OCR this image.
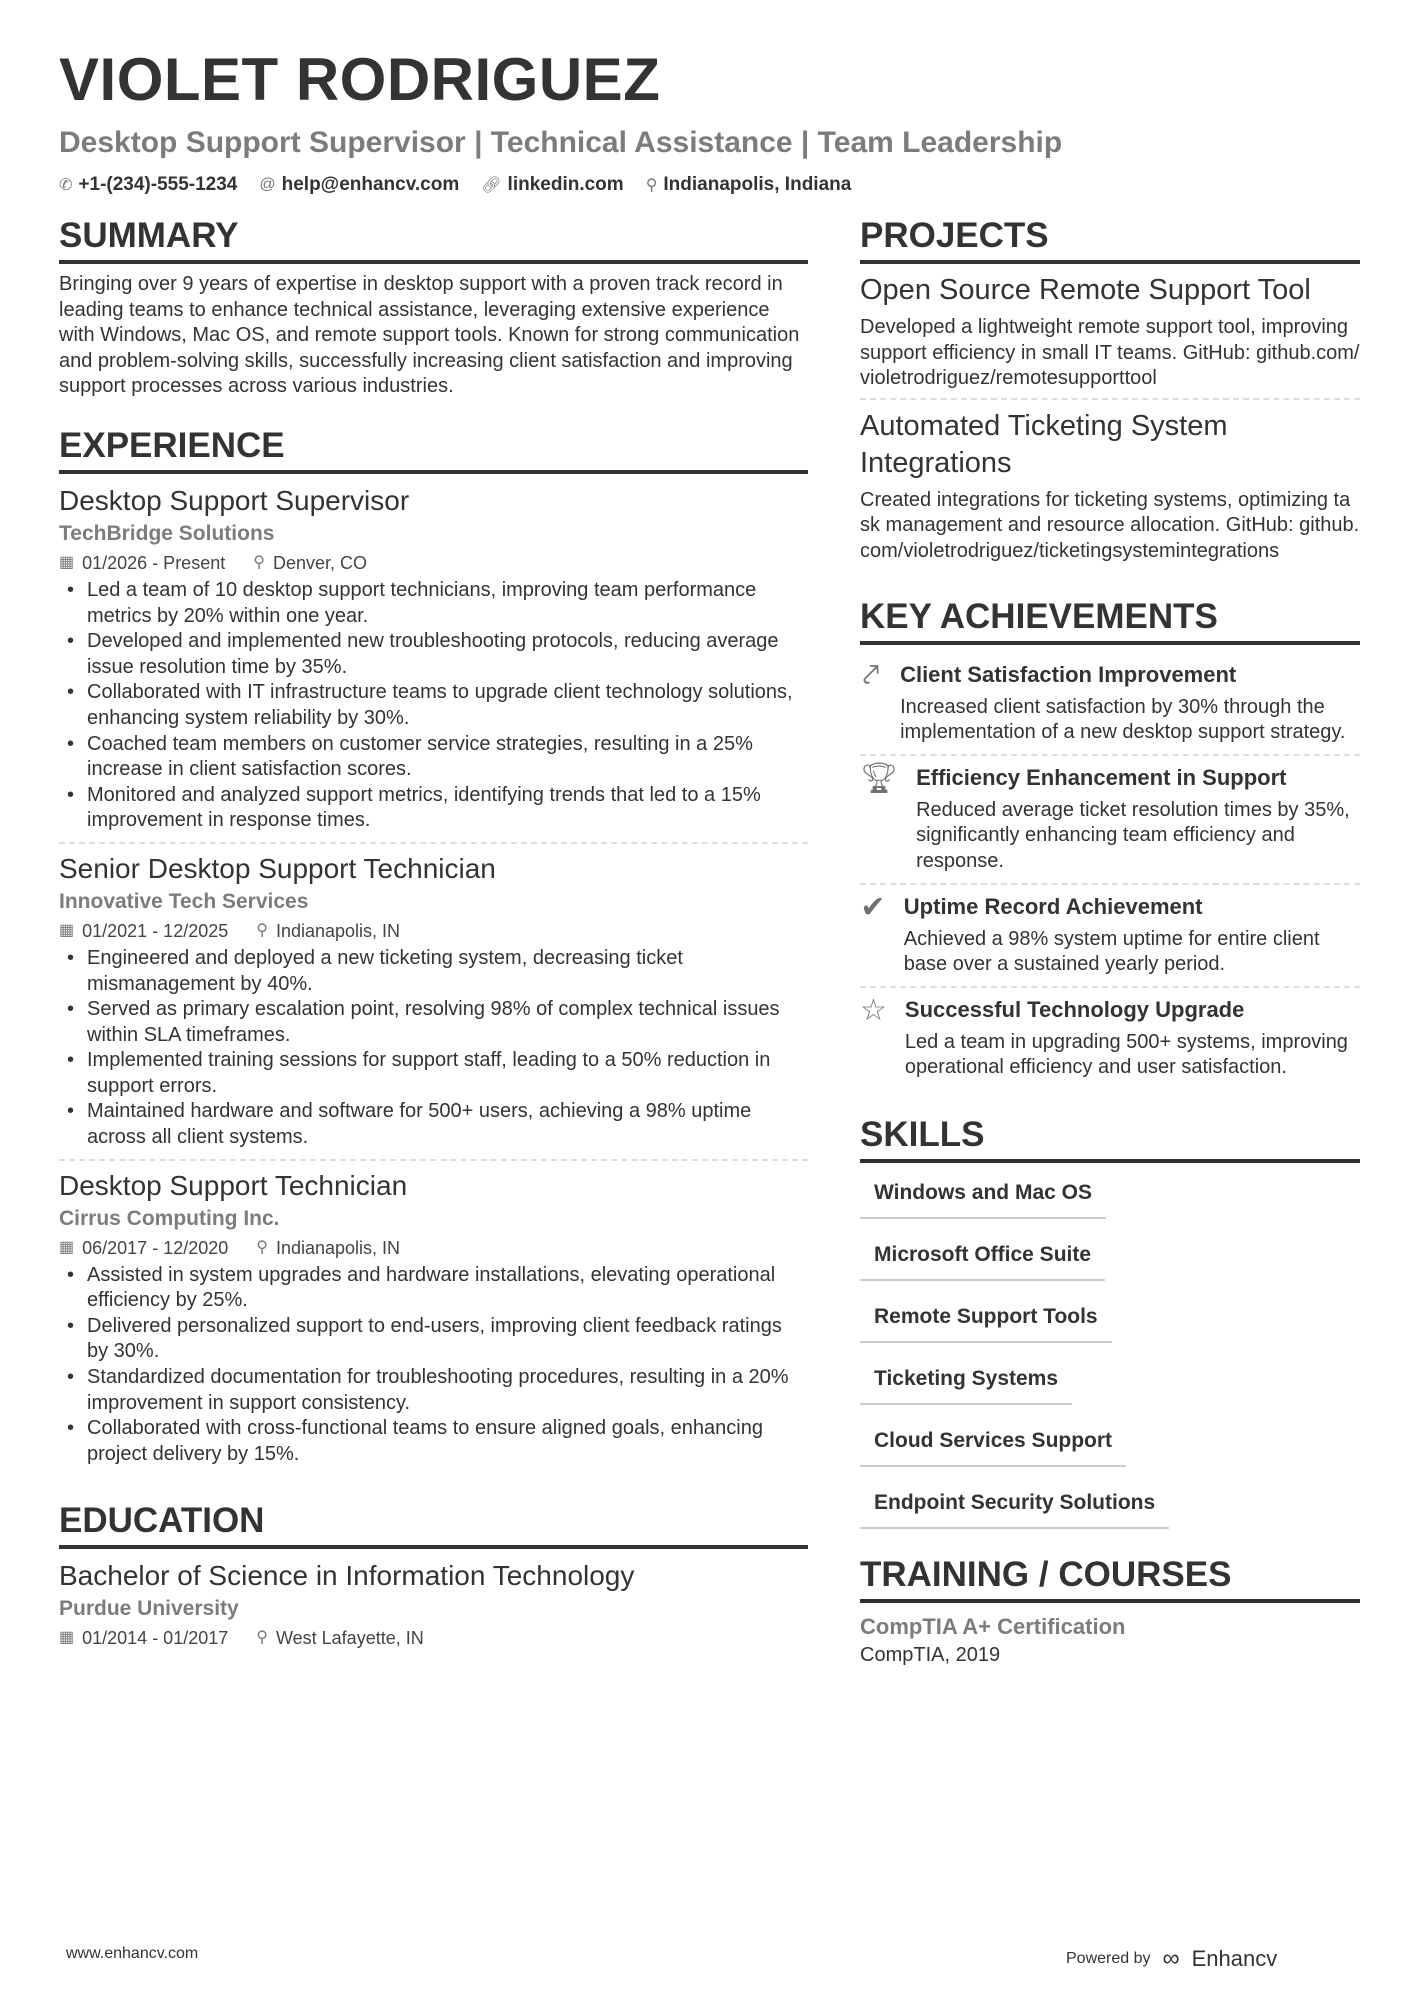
VIOLET RODRIGUEZ
Desktop Support Supervisor | Technical Assistance | Team Leadership
✆ +1-(234)-555-1234 @ help@enhancv.com 🔗︎ linkedin.com ⚲ Indianapolis, Indiana
SUMMARY
Bringing over 9 years of expertise in desktop support with a proven track record in leading teams to enhance technical assistance, leveraging extensive experience with Windows, Mac OS, and remote support tools. Known for strong communication and problem-solving skills, successfully increasing client satisfaction and improving support processes across various industries.
EXPERIENCE
Desktop Support Supervisor
TechBridge Solutions
▦ 01/2026 - Present ⚲ Denver, CO
• Led a team of 10 desktop support technicians, improving team performance metrics by 20% within one year.
• Developed and implemented new troubleshooting protocols, reducing average issue resolution time by 35%.
• Collaborated with IT infrastructure teams to upgrade client technology solutions, enhancing system reliability by 30%.
• Coached team members on customer service strategies, resulting in a 25% increase in client satisfaction scores.
• Monitored and analyzed support metrics, identifying trends that led to a 15% improvement in response times.
Senior Desktop Support Technician
Innovative Tech Services
▦ 01/2021 - 12/2025 ⚲ Indianapolis, IN
• Engineered and deployed a new ticketing system, decreasing ticket mismanagement by 40%.
• Served as primary escalation point, resolving 98% of complex technical issues within SLA timeframes.
• Implemented training sessions for support staff, leading to a 50% reduction in support errors.
• Maintained hardware and software for 500+ users, achieving a 98% uptime across all client systems.
Desktop Support Technician
Cirrus Computing Inc.
▦ 06/2017 - 12/2020 ⚲ Indianapolis, IN
• Assisted in system upgrades and hardware installations, elevating operational efficiency by 25%.
• Delivered personalized support to end-users, improving client feedback ratings by 30%.
• Standardized documentation for troubleshooting procedures, resulting in a 20% improvement in support consistency.
• Collaborated with cross-functional teams to ensure aligned goals, enhancing project delivery by 15%.
EDUCATION
Bachelor of Science in Information Technology
Purdue University
▦ 01/2014 - 01/2017 ⚲ West Lafayette, IN
PROJECTS
Open Source Remote Support Tool
Developed a lightweight remote support tool, improving support efficiency in small IT teams. GitHub: github.com/violetrodriguez/remotesupporttool
Automated Ticketing System Integrations
Created integrations for ticketing systems, optimizing task management and resource allocation. GitHub: github.com/violetrodriguez/ticketingsystemintegrations
KEY ACHIEVEMENTS
⤤ Client Satisfaction Improvement
Increased client satisfaction by 30% through the implementation of a new desktop support strategy.
🏆︎ Efficiency Enhancement in Support
Reduced average ticket resolution times by 35%, significantly enhancing team efficiency and response.
✔ Uptime Record Achievement
Achieved a 98% system uptime for entire client base over a sustained yearly period.
☆ Successful Technology Upgrade
Led a team in upgrading 500+ systems, improving operational efficiency and user satisfaction.
SKILLS
Windows and Mac OS
Microsoft Office Suite
Remote Support Tools
Ticketing Systems
Cloud Services Support
Endpoint Security Solutions
TRAINING / COURSES
CompTIA A+ Certification
CompTIA, 2019
www.enhancv.com	Powered by ∞ Enhancv
